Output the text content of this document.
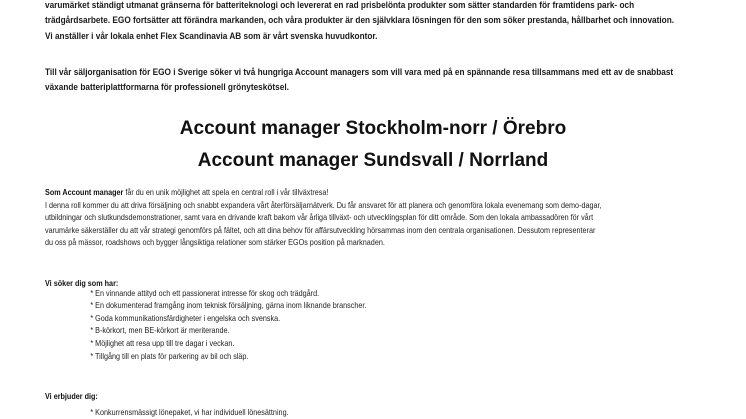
varumärket ständigt utmanat gränserna för batteriteknologi och levererat en rad prisbelönta produkter som sätter standarden för framtidens park- och
trädgårdsarbete. EGO fortsätter att förändra markanden, och våra produkter är den självklara lösningen för den som söker prestanda, hållbarhet och innovation.
Vi anställer i vår lokala enhet Flex Scandinavia AB som är vårt svenska huvudkontor.
Till vår säljorganisation för EGO i Sverige söker vi två hungriga Account managers som vill vara med på en spännande resa tillsammans med ett av de snabbast
växande batteriplattformarna för professionell grönyteskötsel.
Account manager Stockholm-norr / Örebro
Account manager Sundsvall / Norrland
Som Account manager får du en unik möjlighet att spela en central roll i vår tillväxtresa!
I denna roll kommer du att driva försäljning och snabbt expandera vårt återförsäljarnätverk. Du får ansvaret för att planera och genomföra lokala evenemang som demo-dagar,
utbildningar och slutkundsdemonstrationer, samt vara en drivande kraft bakom vår årliga tillväxt- och utvecklingsplan för ditt område. Som den lokala ambassadören för vårt
varumärke säkerställer du att vår strategi genomförs på fältet, och att dina behov för affärsutveckling hörsammas inom den centrala organisationen. Dessutom representerar
du oss på mässor, roadshows och bygger långsiktiga relationer som stärker EGOs position på marknaden.
Vi söker dig som har:
* En vinnande attityd och ett passionerat intresse för skog och trädgård.
* En dokumenterad framgång inom teknisk försäljning, gärna inom liknande branscher.
* Goda kommunikationsfärdigheter i engelska och svenska.
* B-körkort, men BE-körkort är meriterande.
* Möjlighet att resa upp till tre dagar i veckan.
* Tillgång till en plats för parkering av bil och släp.
Vi erbjuder dig:
* Konkurrensmässigt lönepaket, vi har individuell lönesättning.
